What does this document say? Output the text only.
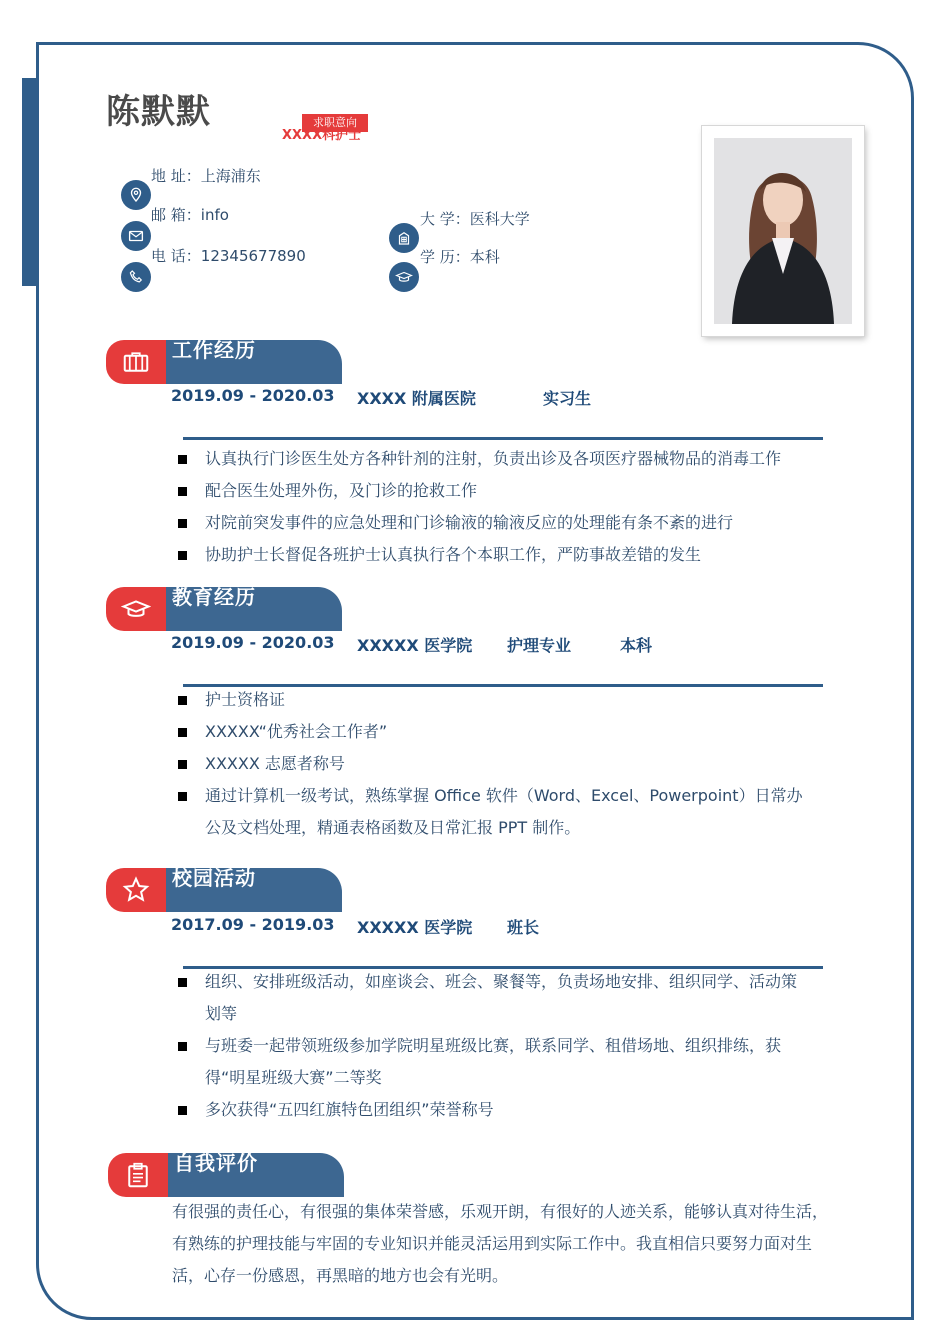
陈默默	求职意向
XXXX科护士
地 址：上海浦东
邮 箱：info
电 话：12345677890
大 学：医科大学
学 历：本科
工作经历
2019.09 - 2020.03 XXXX 附属医院	实习生
认真执行门诊医生处方各种针剂的注射，负责出诊及各项医疗器械物品的消毒工作
配合医生处理外伤，及门诊的抢救工作
对院前突发事件的应急处理和门诊输液的输液反应的处理能有条不紊的进行
协助护士长督促各班护士认真执行各个本职工作，严防事故差错的发生
教育经历
2019.09 - 2020.03 XXXXX 医学院 护理专业	本科
护士资格证
XXXXX“优秀社会工作者”
XXXXX 志愿者称号
通过计算机一级考试，熟练掌握 Office 软件（Word、Excel、Powerpoint）日常办公及文档处理，精通表格函数及日常汇报 PPT 制作。
校园活动
2017.09 - 2019.03 XXXXX 医学院 班长
组织、安排班级活动，如座谈会、班会、聚餐等，负责场地安排、组织同学、活动策划等
与班委一起带领班级参加学院明星班级比赛，联系同学、租借场地、组织排练，获得“明星班级大赛”二等奖
多次获得“五四红旗特色团组织”荣誉称号
自我评价
有很强的责任心，有很强的集体荣誉感，乐观开朗，有很好的人迹关系，能够认真对待生活，有熟练的护理技能与牢固的专业知识并能灵活运用到实际工作中。我直相信只要努力面对生活，心存一份感恩，再黑暗的地方也会有光明。
